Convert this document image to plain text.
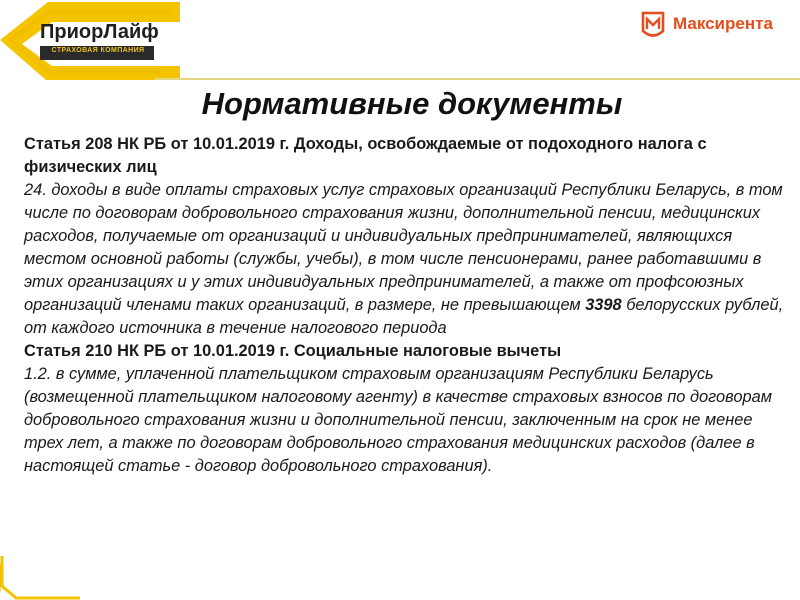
ПриорЛайф
СТРАХОВАЯ КОМПАНИЯ
Максирента
Нормативные документы

Статья 208 НК РБ от 10.01.2019 г. Доходы, освобождаемые от подоходного налога с физических лиц

24. доходы в виде оплаты страховых услуг страховых организаций Республики Беларусь, в том числе по договорам добровольного страхования жизни, дополнительной пенсии, медицинских расходов, получаемые от организаций и индивидуальных предпринимателей, являющихся местом основной работы (службы, учебы), в том числе пенсионерами, ранее работавшими в этих организациях и у этих индивидуальных предпринимателей, а также от профсоюзных организаций членами таких организаций, в размере, не превышающем 3398 белорусских рублей, от каждого источника в течение налогового периода

Статья 210 НК РБ от 10.01.2019 г. Социальные налоговые вычеты

1.2. в сумме, уплаченной плательщиком страховым организациям Республики Беларусь (возмещенной плательщиком налоговому агенту) в качестве страховых взносов по договорам добровольного страхования жизни и дополнительной пенсии, заключенным на срок не менее трех лет, а также по договорам добровольного страхования медицинских расходов (далее в настоящей статье - договор добровольного страхования).
